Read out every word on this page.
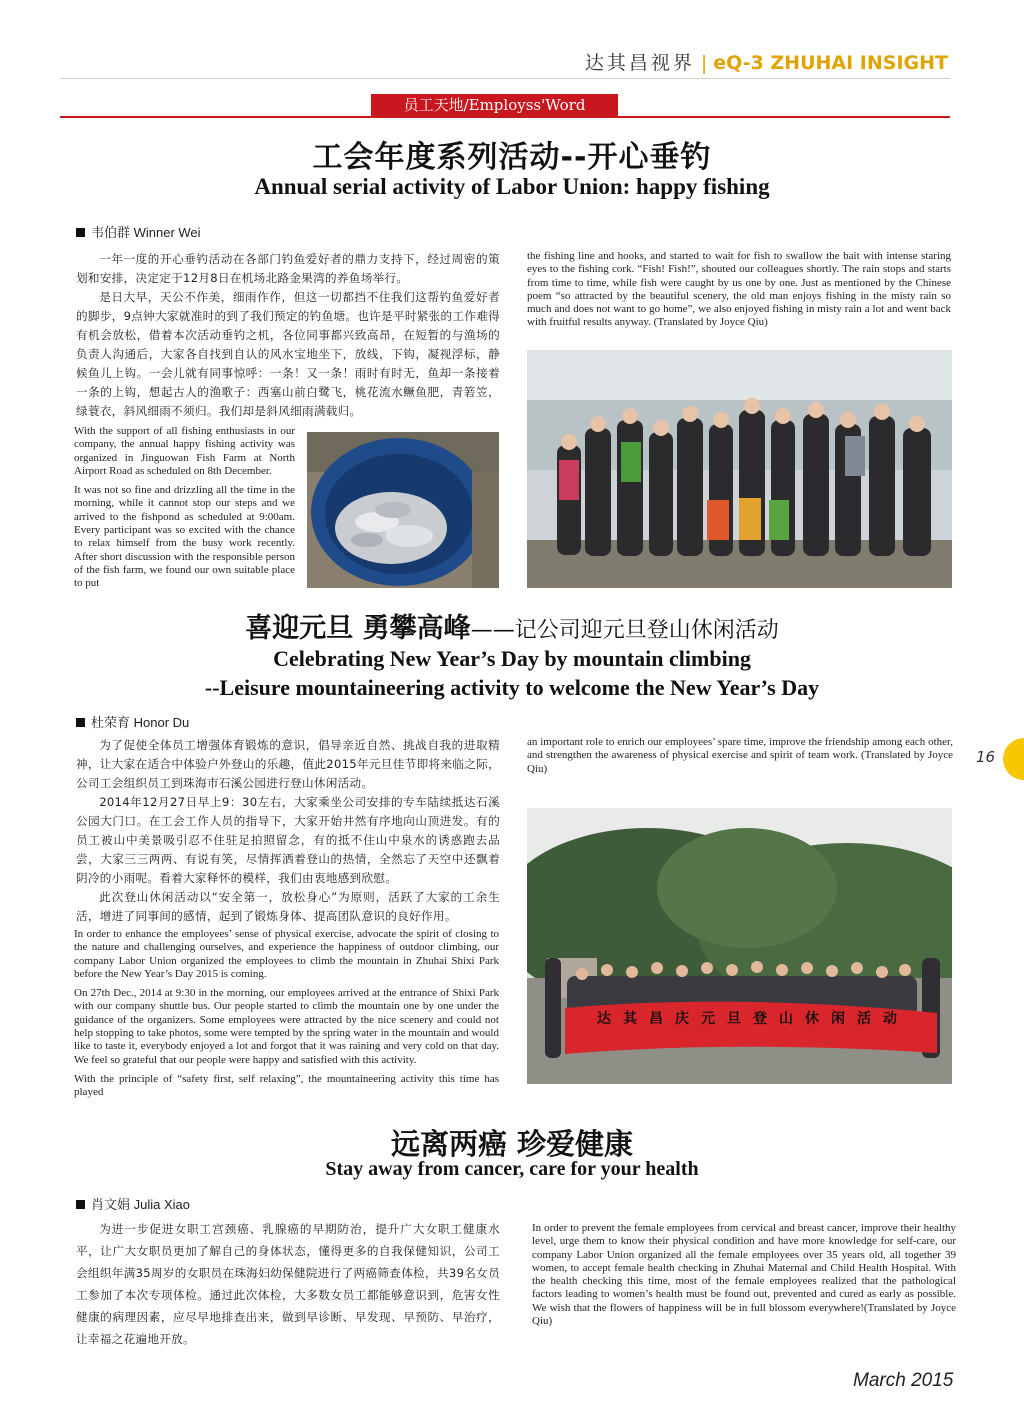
达其昌视界 | eQ-3 ZHUHAI INSIGHT
员工天地/Employss'Word
工会年度系列活动--开心垂钓
Annual serial activity of Labor Union: happy fishing
韦伯群 Winner Wei

一年一度的开心垂钓活动在各部门钓鱼爱好者的鼎力支持下，经过周密的策划和安排，决定定于12月8日在机场北路金果湾的养鱼场举行。

是日大早，天公不作美，细雨作作，但这一切都挡不住我们这帮钓鱼爱好者的脚步，9点钟大家就准时的到了我们预定的钓鱼塘。也许是平时紧张的工作难得有机会放松，借着本次活动垂钓之机，各位同事都兴致高昂，在短暂的与渔场的负责人沟通后，大家各自找到自认的风水宝地坐下，放线，下钩，凝视浮标，静候鱼儿上钩。一会儿就有同事惊呼：一条！又一条！雨时有时无，鱼却一条接着一条的上钩，想起古人的渔歌子：西塞山前白鹭飞，桃花流水鳜鱼肥，青箬笠，绿蓑衣，斜风细雨不须归。我们却是斜风细雨满载归。

With the support of all fishing enthusiasts in our company, the annual happy fishing activity was organized in Jinguowan Fish Farm at North Airport Road as scheduled on 8th December.

It was not so fine and drizzling all the time in the morning, while it cannot stop our steps and we arrived to the fishpond as scheduled at 9:00am. Every participant was so excited with the chance to relax himself from the busy work recently. After short discussion with the responsible person of the fish farm, we found our own suitable place to put

the fishing line and hooks, and started to wait for fish to swallow the bait with intense staring eyes to the fishing cork. “Fish! Fish!”, shouted our colleagues shortly. The rain stops and starts from time to time, while fish were caught by us one by one. Just as mentioned by the Chinese poem “so attracted by the beautiful scenery, the old man enjoys fishing in the misty rain so much and does not want to go home”, we also enjoyed fishing in misty rain a lot and went back with fruitful results anyway. (Translated by Joyce Qiu)

喜迎元旦 勇攀高峰——记公司迎元旦登山休闲活动
Celebrating New Year’s Day by mountain climbing
--Leisure mountaineering activity to welcome the New Year’s Day
杜荣育 Honor Du

为了促使全体员工增强体育锻炼的意识，倡导亲近自然、挑战自我的进取精神，让大家在适合中体验户外登山的乐趣，值此2015年元旦佳节即将来临之际，公司工会组织员工到珠海市石溪公园进行登山休闲活动。

2014年12月27日早上9：30左右，大家乘坐公司安排的专车陆续抵达石溪公园大门口。在工会工作人员的指导下，大家开始井然有序地向山顶进发。有的员工被山中美景吸引忍不住驻足拍照留念，有的抵不住山中泉水的诱惑跑去品尝，大家三三两两、有说有笑，尽情挥洒着登山的热情，全然忘了天空中还飘着阴冷的小雨呢。看着大家释怀的模样，我们由衷地感到欣慰。

此次登山休闲活动以“安全第一，放松身心”为原则，活跃了大家的工余生活，增进了同事间的感情，起到了锻炼身体、提高团队意识的良好作用。

In order to enhance the employees’ sense of physical exercise, advocate the spirit of closing to the nature and challenging ourselves, and experience the happiness of outdoor climbing, our company Labor Union organized the employees to climb the mountain in Zhuhai Shixi Park before the New Year’s Day 2015 is coming.

On 27th Dec., 2014 at 9:30 in the morning, our employees arrived at the entrance of Shixi Park with our company shuttle bus. Our people started to climb the mountain one by one under the guidance of the organizers. Some employees were attracted by the nice scenery and could not help stopping to take photos, some were tempted by the spring water in the mountain and would like to taste it, everybody enjoyed a lot and forgot that it was raining and very cold on that day. We feel so grateful that our people were happy and satisfied with this activity.

With the principle of “safety first, self relaxing”, the mountaineering activity this time has played

an important role to enrich our employees’ spare time, improve the friendship among each other, and strengthen the awareness of physical exercise and spirit of team work. (Translated by Joyce Qiu)

达其昌庆元旦登山休闲活动
远离两癌 珍爱健康
Stay away from cancer, care for your health
肖文娟 Julia Xiao

为进一步促进女职工宫颈癌、乳腺癌的早期防治，提升广大女职工健康水平，让广大女职员更加了解自己的身体状态，懂得更多的自我保健知识，公司工会组织年满35周岁的女职员在珠海妇幼保健院进行了两癌筛查体检，共39名女员工参加了本次专项体检。通过此次体检，大多数女员工都能够意识到，危害女性健康的病理因素，应尽早地排查出来，做到早诊断、早发现、早预防、早治疗，让幸福之花遍地开放。

In order to prevent the female employees from cervical and breast cancer, improve their healthy level, urge them to know their physical condition and have more knowledge for self-care, our company Labor Union organized all the female employees over 35 years old, all together 39 women, to accept female health checking in Zhuhai Maternal and Child Health Hospital. With the health checking this time, most of the female employees realized that the pathological factors leading to women’s health must be found out, prevented and cured as early as possible. We wish that the flowers of happiness will be in full blossom everywhere!(Translated by Joyce Qiu)

16
March 2015
